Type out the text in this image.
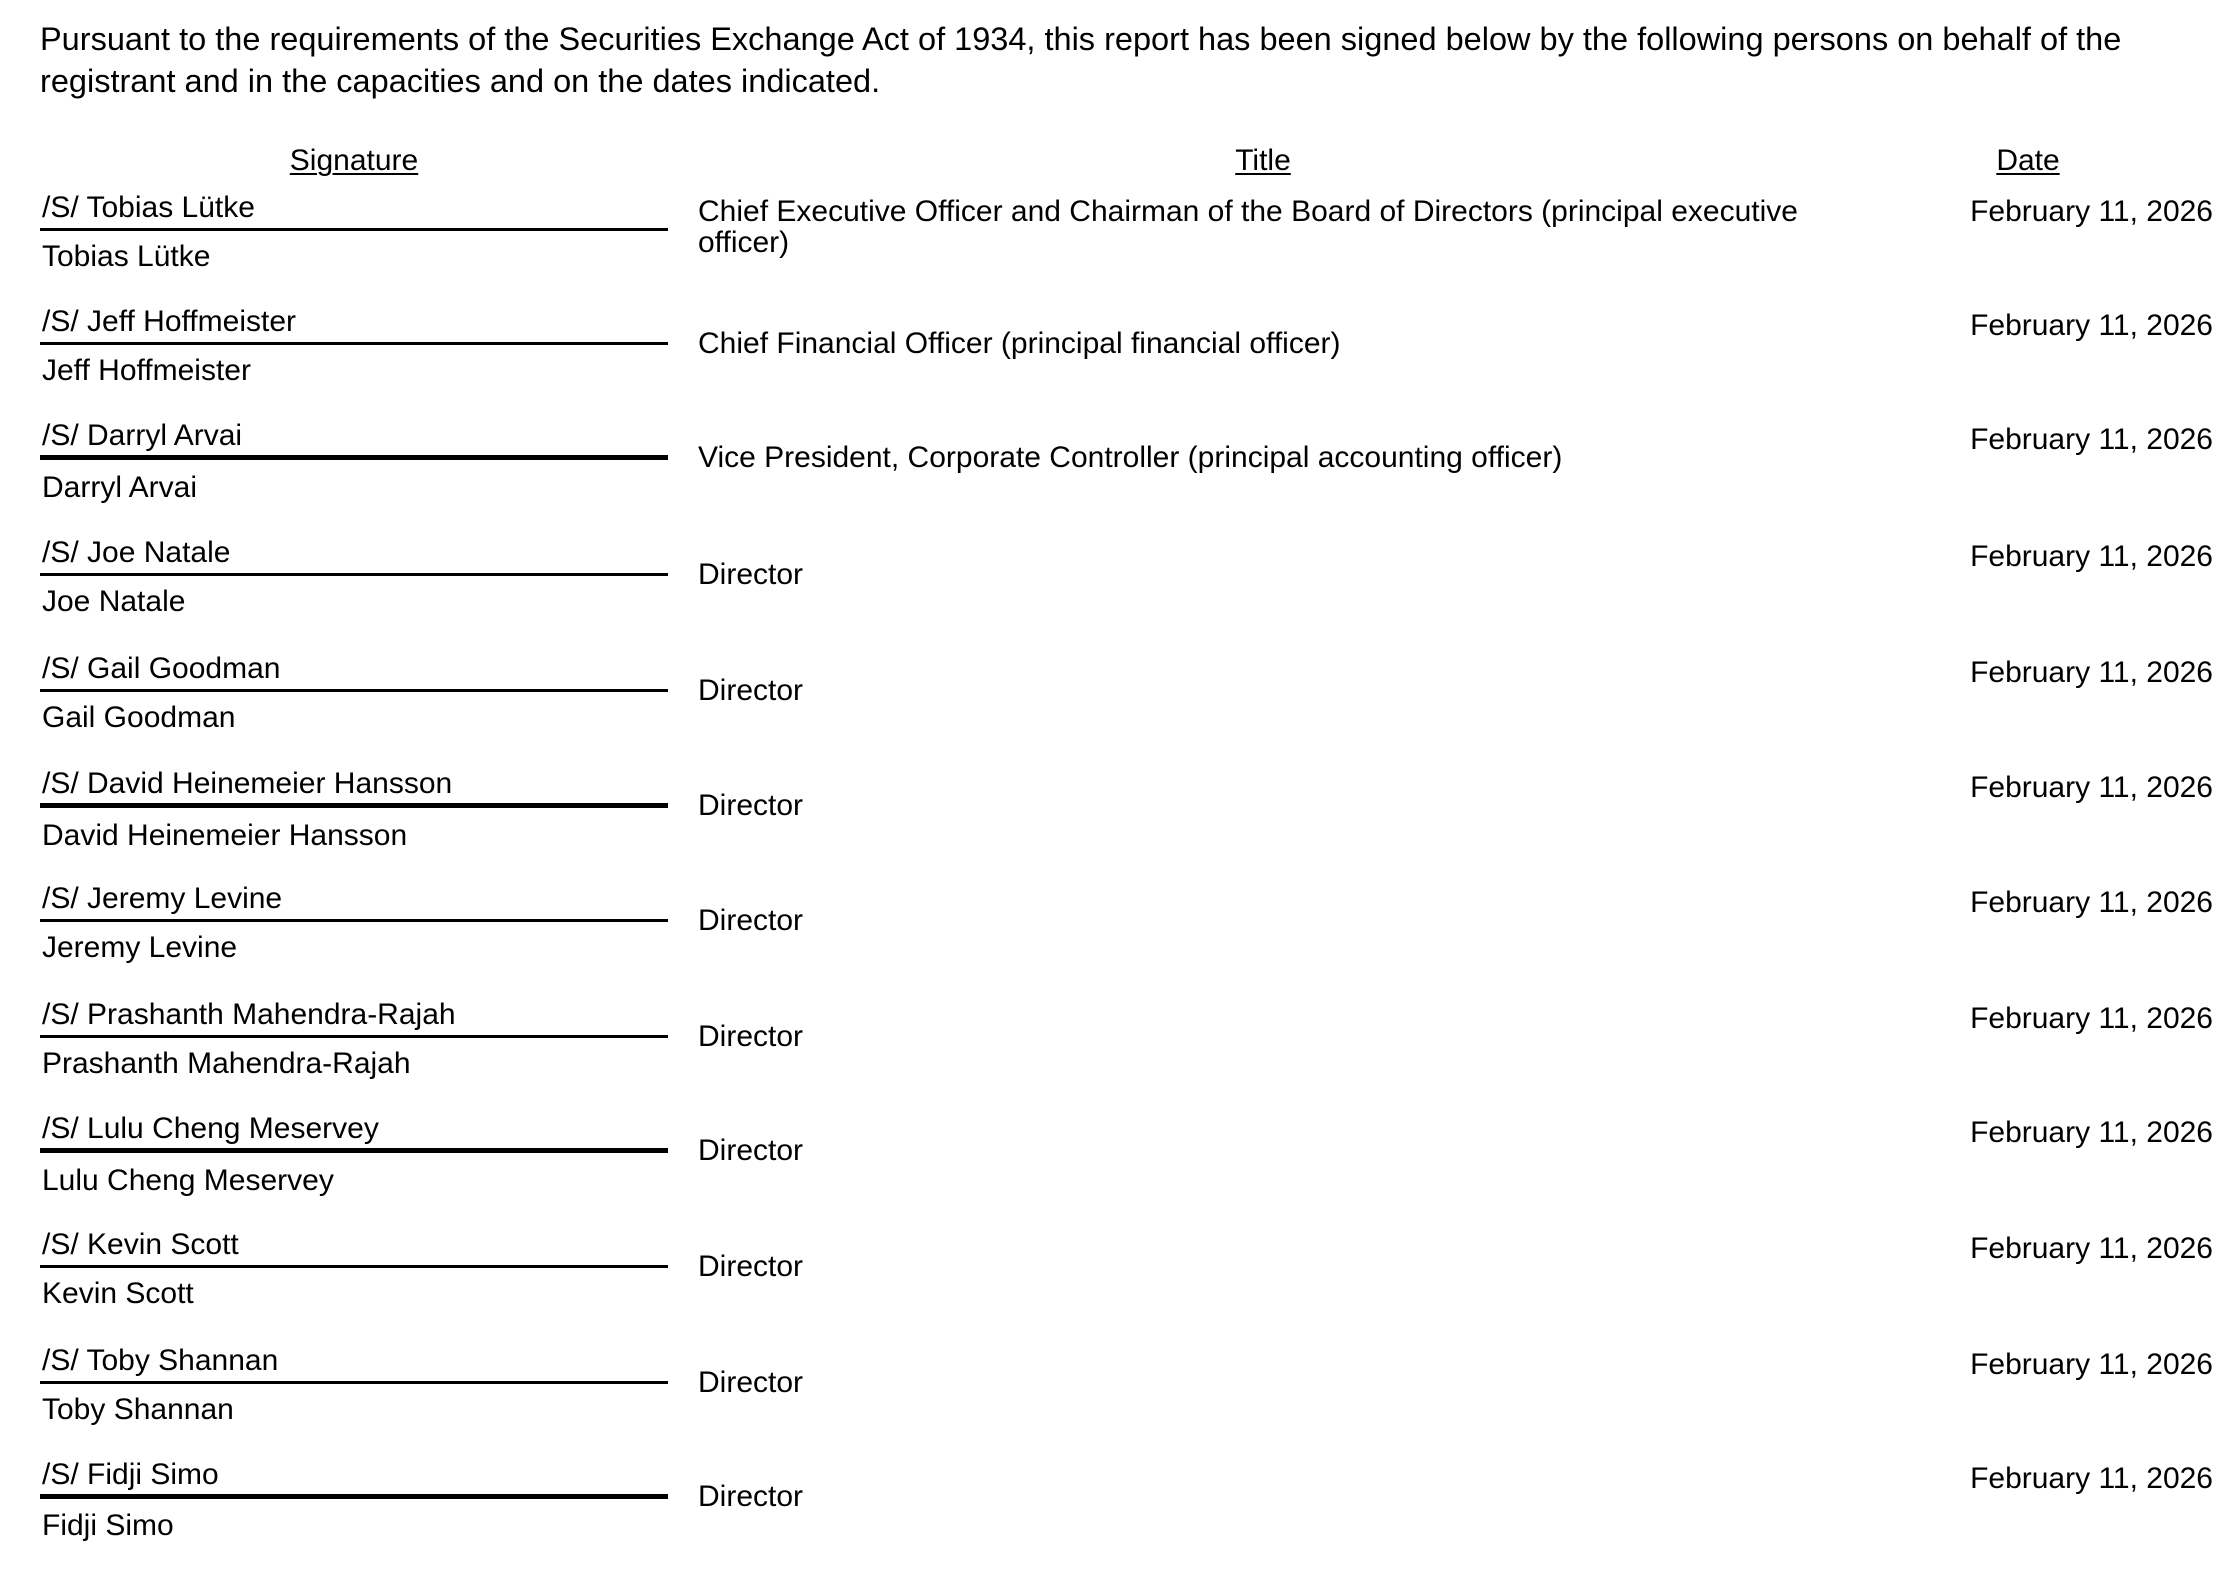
Pursuant to the requirements of the Securities Exchange Act of 1934, this report has been signed below by the following persons on behalf of the registrant and in the capacities and on the dates indicated.

Signature	Title	Date
/S/ Tobias Lütke
Tobias Lütke
Chief Executive Officer and Chairman of the Board of Directors (principal executive officer)
February 11, 2026
/S/ Jeff Hoffmeister
Jeff Hoffmeister
Chief Financial Officer (principal financial officer)
February 11, 2026
/S/ Darryl Arvai
Darryl Arvai
Vice President, Corporate Controller (principal accounting officer)
February 11, 2026
/S/ Joe Natale
Joe Natale
Director
February 11, 2026
/S/ Gail Goodman
Gail Goodman
Director
February 11, 2026
/S/ David Heinemeier Hansson
David Heinemeier Hansson
Director
February 11, 2026
/S/ Jeremy Levine
Jeremy Levine
Director
February 11, 2026
/S/ Prashanth Mahendra-Rajah
Prashanth Mahendra-Rajah
Director
February 11, 2026
/S/ Lulu Cheng Meservey
Lulu Cheng Meservey
Director
February 11, 2026
/S/ Kevin Scott
Kevin Scott
Director
February 11, 2026
/S/ Toby Shannan
Toby Shannan
Director
February 11, 2026
/S/ Fidji Simo
Fidji Simo
Director
February 11, 2026
